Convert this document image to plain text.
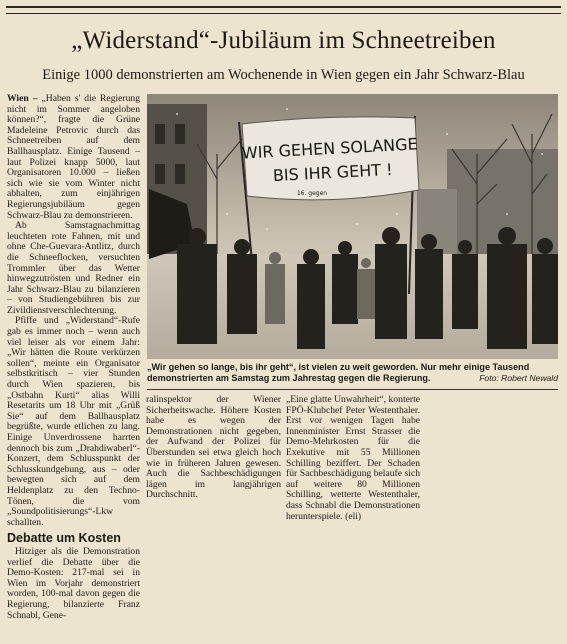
„Widerstand“-Jubiläum im Schneetreiben
Einige 1000 demonstrierten am Wochenende in Wien gegen ein Jahr Schwarz-Blau

Wien – „Haben s' die Regierung nicht im Sommer angeloben können?“, fragte die Grüne Madeleine Petrovic durch das Schneetreiben auf dem Ballhausplatz. Einige Tausend – laut Polizei knapp 5000, laut Organisatoren 10.000 – ließen sich wie sie vom Winter nicht abhalten, zum einjährigen Regierungsjubiläum gegen Schwarz-Blau zu demonstrieren.

Ab Samstagnachmittag leuchteten rote Fahnen, mit und ohne Che-Guevara-Antlitz, durch die Schneeflocken, versuchten Trommler über das Wetter hinwegzutrösten und Redner ein Jahr Schwarz-Blau zu bilanzieren – von Studiengebühren bis zur Zivildienstverschlechterung.

Pfiffe und „Widerstand“-Rufe gab es immer noch – wenn auch viel leiser als vor einem Jahr: „Wir hätten die Route verkürzen sollen“, meinte ein Organisator selbstkritisch – vier Stunden durch Wien spazieren, bis „Ostbahn Kurti“ alias Willi Resetarits um 18 Uhr mit „Grüß Sie“ auf dem Ballhausplatz begrüßte, wurde etlichen zu lang. Einige Unverdrossene harrten dennoch bis zum „Drahdiwaberl“-Konzert, dem Schlusspunkt der Schlusskundgebung, aus – oder bewegten sich auf dem Heldenplatz zu den Techno-Tönen, die vom „Soundpolitisierungs“-Lkw schallten.

Debatte um Kosten

Hitziger als die Demonstration verlief die Debatte über die Demo-Kosten: 217-mal sei in Wien im Vorjahr demonstriert worden, 100-mal davon gegen die Regierung, bilanzierte Franz Schnabl, Gene-

WIR GEHEN SOLANGE
BIS IHR GEHT !
16. gegen
„Wir gehen so lange, bis ihr geht“, ist vielen zu weit geworden. Nur mehr einige Tausend demonstrierten am Samstag zum Jahrestag gegen die Regierung.	Foto: Robert Newald

ralinspektor der Wiener Sicherheitswache. Höhere Kosten habe es wegen der Demonstrationen nicht gegeben, der Aufwand der Polizei für Überstunden sei etwa gleich hoch wie in früheren Jahren gewesen. Auch die Sachbeschädigungen lägen im langjährigen Durchschnitt.

„Eine glatte Unwahrheit“, konterte FPÖ-Klubchef Peter Westenthaler. Erst vor wenigen Tagen habe Innenminister Ernst Strasser die Demo-Mehrkosten für die Exekutive mit 55 Millionen Schilling beziffert. Der Schaden für Sachbeschädigung belaufe sich auf weitere 80 Millionen Schilling, wetterte Westenthaler, dass Schnabl die Demonstrationen herunterspiele. (eli)
